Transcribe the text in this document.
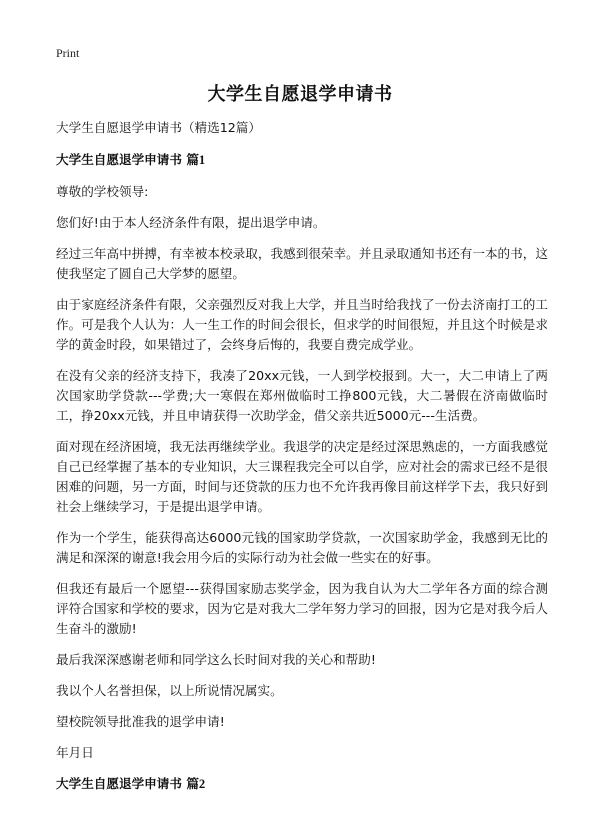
Print
大学生自愿退学申请书

大学生自愿退学申请书（精选12篇）

大学生自愿退学申请书 篇1

尊敬的学校领导:

您们好!由于本人经济条件有限，提出退学申请。

经过三年高中拼搏，有幸被本校录取，我感到很荣幸。并且录取通知书还有一本的书，这使我坚定了圆自己大学梦的愿望。

由于家庭经济条件有限，父亲强烈反对我上大学，并且当时给我找了一份去济南打工的工作。可是我个人认为：人一生工作的时间会很长，但求学的时间很短，并且这个时候是求学的黄金时段，如果错过了，会终身后悔的，我要自费完成学业。

在没有父亲的经济支持下，我凑了20xx元钱，一人到学校报到。大一，大二申请上了两次国家助学贷款---学费;大一寒假在郑州做临时工挣800元钱，大二暑假在济南做临时工，挣20xx元钱，并且申请获得一次助学金，借父亲共近5000元---生活费。

面对现在经济困境，我无法再继续学业。我退学的决定是经过深思熟虑的，一方面我感觉自己已经掌握了基本的专业知识，大三课程我完全可以自学，应对社会的需求已经不是很困难的问题，另一方面，时间与还贷款的压力也不允许我再像目前这样学下去，我只好到社会上继续学习，于是提出退学申请。

作为一个学生，能获得高达6000元钱的国家助学贷款，一次国家助学金，我感到无比的满足和深深的谢意!我会用今后的实际行动为社会做一些实在的好事。

但我还有最后一个愿望---获得国家励志奖学金，因为我自认为大二学年各方面的综合测评符合国家和学校的要求，因为它是对我大二学年努力学习的回报，因为它是对我今后人生奋斗的激励!

最后我深深感谢老师和同学这么长时间对我的关心和帮助!

我以个人名誉担保，以上所说情况属实。

望校院领导批准我的退学申请!

年月日

大学生自愿退学申请书 篇2
